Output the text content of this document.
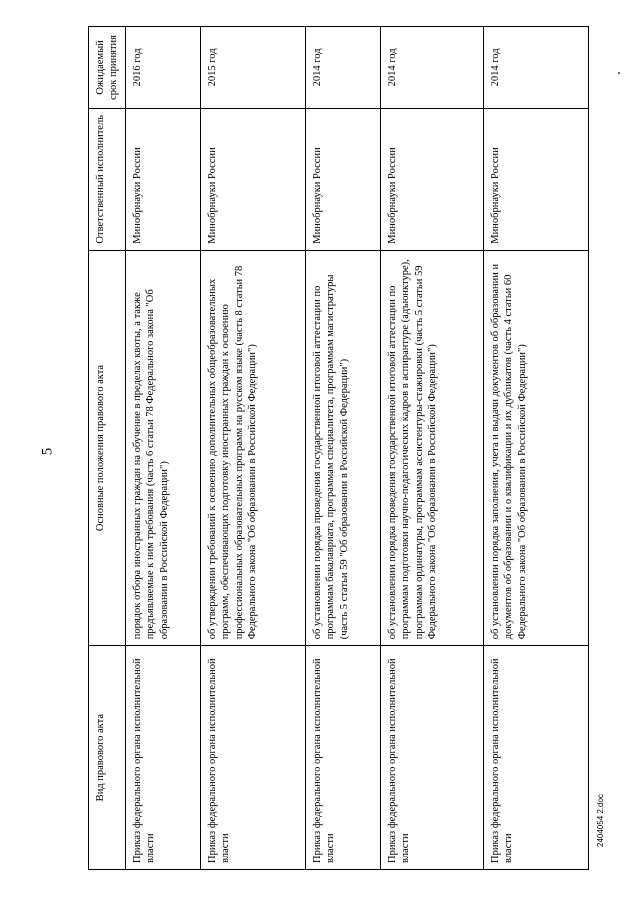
5
Вид правового акта	Основные положения правового акта	Ответственный исполнитель	Ожидаемый срок принятия
Приказ федерального органа исполнительной власти	порядок отбора иностранных граждан на обучение в пределах квоты, а также предъявляемые к ним требования (часть 6 статьи 78 Федерального закона "Об образовании в Российской Федерации")	Минобрнауки России	2016 год
Приказ федерального органа исполнительной власти	об утверждении требований к освоению дополнительных общеобразовательных программ, обеспечивающих подготовку иностранных граждан к освоению профессиональных образовательных программ на русском языке (часть 8 статьи 78 Федерального закона "Об образовании в Российской Федерации")	Минобрнауки России	2015 год
Приказ федерального органа исполнительной власти	об установлении порядка проведения государственной итоговой аттестации по программам бакалавриата, программам специалитета, программам магистратуры (часть 5 статьи 59 "Об образовании в Российской Федерации")	Минобрнауки России	2014 год
Приказ федерального органа исполнительной власти	об установлении порядка проведения государственной итоговой аттестации по программам подготовки научно-педагогических кадров в аспирантуре (адъюнктуре), программам ординатуры, программам ассистентуры-стажировки (часть 5 статьи 59 Федерального закона "Об образовании в Российской Федерации")	Минобрнауки России	2014 год
Приказ федерального органа исполнительной власти	об установлении порядка заполнения, учета и выдачи документов об образовании и документов об образовании и о квалификации и их дубликатов (часть 4 статьи 60 Федерального закона "Об образовании в Российской Федерации")	Минобрнауки России	2014 год
2404054 2.doc
